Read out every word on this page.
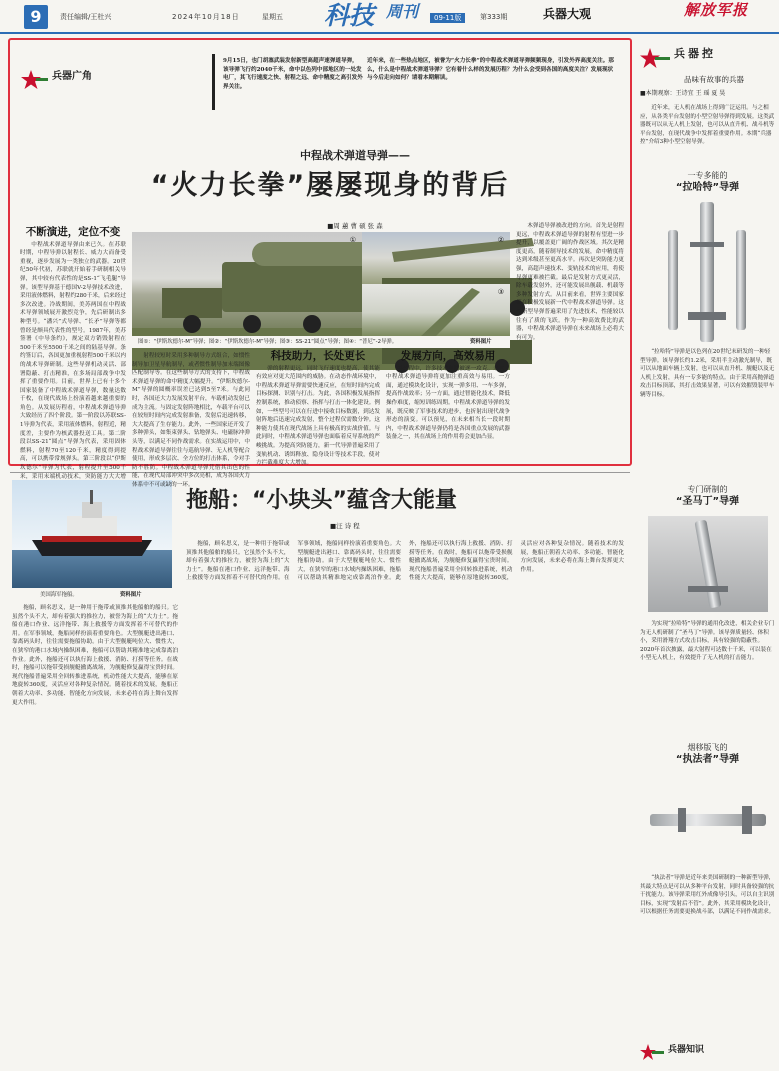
9	责任编辑/王杜兴	2024年10月18日	星期五 科技 周刊	09-11版	第333期	兵器大观	解放军报
兵器广角

9月15日，也门胡塞武装发射新型高超声速弹道导弹，该导弹飞行约2040千米，命中以色列中部地区的一处发电厂，其飞行速度之快、射程之远、命中精度之高引发外界关注。

近年来，在一些热点地区，被誉为“火力长拳”的中程战术弹道导弹频频现身，引发外界高度关注。那么，什么是中程战术弹道导弹？它有着什么样的发展历程？为什么会受到各国的高度关注？发展现状与今后走向如何？请看本期解读。

中程战术弹道导弹——
“火力长拳”屡屡现身的背后
■周 蕙 曹 硕 张 森
不断演进，定位不变

中程战术弹道导弹由来已久。在苏联时期，中程导弹以射程长、威力大而备受重视，逐步发展为一类独立的武器。20世纪50年代初，苏联就开始着手研制相关导弹，其中较有代表性的是SS-1“飞毛腿”导弹。该型导弹基于德国V-2导弹技术改进，采用液体燃料，射程约280千米，后来经过多次改进。冷战期间，美苏两国在中程战术导弹领域展开激烈竞争，先后研制出多种型号。“潘兴”式导弹、“长矛”导弹等都曾经是颇具代表性的型号。1987年，美苏签署《中导条约》，规定双方销毁射程在500千米至5500千米之间的陆基导弹。条约签订后，各国更加重视射程500千米以内的战术导弹研制。这些导弹机动灵活、部署隐蔽、打击精准，在多场局部战争中发挥了重要作用。目前，世界上已有十多个国家装备了中程战术弹道导弹，数量达数千枚，在现代战场上扮演着越来越重要的角色。从发展历程看，中程战术弹道导弹大致经历了四个阶段。第一阶段以苏联SS-1导弹为代表，采用液体燃料，射程近，精度差，主要作为核武器投送工具。第二阶段以SS-21“圆点”导弹为代表，采用固体燃料，射程70至120千米，精度得到提高，可以携带常规弹头。第三阶段以“伊斯坎德尔”导弹为代表，射程提升至500千米，采用末端机动技术，突防能力大大增

①	②
③
图①：“伊斯坎德尔-M”导弹；图②：“伊斯坎德尔-M”导弹；图③：SS-21“圆点”导弹；图④：“普尼”-2导弹。	资料图片

木弹道导弹被改进的方向。首先是射程更远，中程战术弹道导弹的射程有望进一步提升，以覆盖更广阔的作战区域。其次是精度更高，随着制导技术的发展，命中精度将达到米级甚至更高水平。再次是突防能力更强，高超声速技术、变轨技术的应用，将使导弹更难被拦截。最后是发射方式更灵活，除车载发射外，还可能发展出舰载、机载等多种发射方式。从目前来看，世界主要国家都在积极发展新一代中程战术弹道导弹。这些新型导弹普遍采用了先进技术，性能较以往有了质的飞跃。作为一种高效费比的武器，中程战术弹道导弹在未来战场上必将大有可为。

美国海军拖船。	资料图片
拖船：“小块头”蕴含大能量
■汪 诗 程
兵器控
品味有故事的兵器
■本期观察：王诗宜 王 瑶 夏 昊

近年来，无人机在战场上得到广泛运用。与之相应，从各类平台发射的小型空射导弹得到发展。这类武器既可以从无人机上发射，也可以从直升机、战斗机等平台发射，在现代战争中发挥着重要作用。本期“兵器控”介绍3种小型空射导弹。

一专多能的
“拉哈特”导弹

“拉哈特”导弹是以色列在20世纪末研发的一种轻型导弹。该导弹长约1.2米，采用半主动激光制导，既可以从地面车辆上发射，也可以从直升机、舰艇以及无人机上发射，具有一专多能的特点。由于采用高抛弹道攻击目标顶部，其打击效果显著，可以有效摧毁装甲车辆等目标。

专门研制的
“圣马丁”导弹

为实现“拉哈特”导弹的通用化改进，相关企业专门为无人机研制了“圣马丁”导弹。该导弹质量轻、体积小，采用滑翔方式攻击目标，具有较强的隐蔽性。2020年首次披露，最大射程可达数十千米，可以装在小型无人机上，有效提升了无人机的打击能力。

烟移版飞的
“执法者”导弹

“执法者”导弹是近年来美国研制的一种新型导弹，其最大特点是可以从多种平台发射，同时具备较强的抗干扰能力。该导弹采用红外成像导引头，可以自主识别目标，实现“发射后不管”。此外，其采用模块化设计，可以根据任务需要更换战斗部，以满足不同作战需求。

兵器知识

射程较短时采用多种制导方式组合，如惯性制导加卫星导航制导，或者惯性制导加末端图像匹配制导等。在这些制导方式的支持下，中程战术弹道导弹的命中精度大幅提升。“伊斯坎德尔-M”导弹的圆概率误差已达到5至7米。与此同时，各国还大力发展发射平台，车载机动发射已成为主流。与固定发射阵地相比，车载平台可以在较短时间内完成发射准备，发射后迅速转移，大大提高了生存能力。此外，一些国家还开发了多种弹头，如集束弹头、钻地弹头、电磁脉冲弹头等，以满足不同作战需求。在实战运用中，中程战术弹道导弹往往与巡航导弹、无人机等配合使用，形成多层次、全方位的打击体系，令对手防不胜防。中程战术弹道导弹凭借其出色的性能，在现代局部冲突中多次亮相，成为各国火力体系中不可或缺的一环。

科技助力，长处更长

弹的射程更远，同时飞行速度也提高，使其能有效应对更大范围内的威胁。在动态作战环境中，中程战术弹道导弹需要快速反应，在短时间内完成目标探测、识别与打击。为此，各国积极发展指挥控制系统，推动侦察、指挥与打击一体化建设。例如，一些型号可以在行进中接收目标数据，到达发射阵地后迅速完成发射，整个过程仅需数分钟。这种能力使其在现代战场上具有极高的实战价值。与此同时，中程战术弹道导弹也面临着反导系统的严峻挑战。为提高突防能力，新一代导弹普遍采用了变轨机动、诱饵释放、隐身设计等技术手段，使对方拦截难度大大增加。

发展方向，高效易用

展过程中，许多技术难题被逐一攻克。未来，中程战术弹道导弹将更加注重高效与易用。一方面，通过模块化设计，实现一弹多用、一车多弹，提高作战效率；另一方面，通过智能化技术，降低操作难度，缩短训练周期。中程战术弹道导弹的发展，既反映了军事技术的进步，也折射出现代战争形态的演变。可以预见，在未来相当长一段时期内，中程战术弹道导弹仍将是各国重点发展的武器装备之一，其在战场上的作用将会更加凸显。

拖船，顾名思义，是一种用于拖带或顶推其他船舶的船只。它虽然个头不大，却有着强大的推拉力，被誉为海上的“大力士”。拖船在港口作业、远洋拖带、海上救援等方面发挥着不可替代的作用。在军事领域，拖船同样扮演着重要角色。大型舰艇进出港口、靠离码头时，往往需要拖船协助。由于大型舰艇吨位大、惯性大，在狭窄的港口水域内操纵困难，拖船可以帮助其精准地完成靠离泊作业。此外，拖船还可以执行海上救援、消防、打捞等任务。在战时，拖船可以拖带受损舰艇撤离战场，为舰艇修复赢得宝贵时间。现代拖船普遍采用全回转推进系统，机动性能大大提高，能够在原地旋转360度，灵活应对各种复杂情况。随着技术的发展，拖船正朝着大功率、多功能、智能化方向发展，未来必将在海上舞台发挥更大作用。

拖船，顾名思义，是一种用于拖带或顶推其他船舶的船只。它虽然个头不大，却有着强大的推拉力，被誉为海上的“大力士”。拖船在港口作业、远洋拖带、海上救援等方面发挥着不可替代的作用。在军事领域，拖船同样扮演着重要角色。大型舰艇进出港口、靠离码头时，往往需要拖船协助。由于大型舰艇吨位大、惯性大，在狭窄的港口水域内操纵困难，拖船可以帮助其精准地完成靠离泊作业。此外，拖船还可以执行海上救援、消防、打捞等任务。在战时，拖船可以拖带受损舰艇撤离战场，为舰艇修复赢得宝贵时间。现代拖船普遍采用全回转推进系统，机动性能大大提高，能够在原地旋转360度，灵活应对各种复杂情况。随着技术的发展，拖船正朝着大功率、多功能、智能化方向发展，未来必将在海上舞台发挥更大作用。
